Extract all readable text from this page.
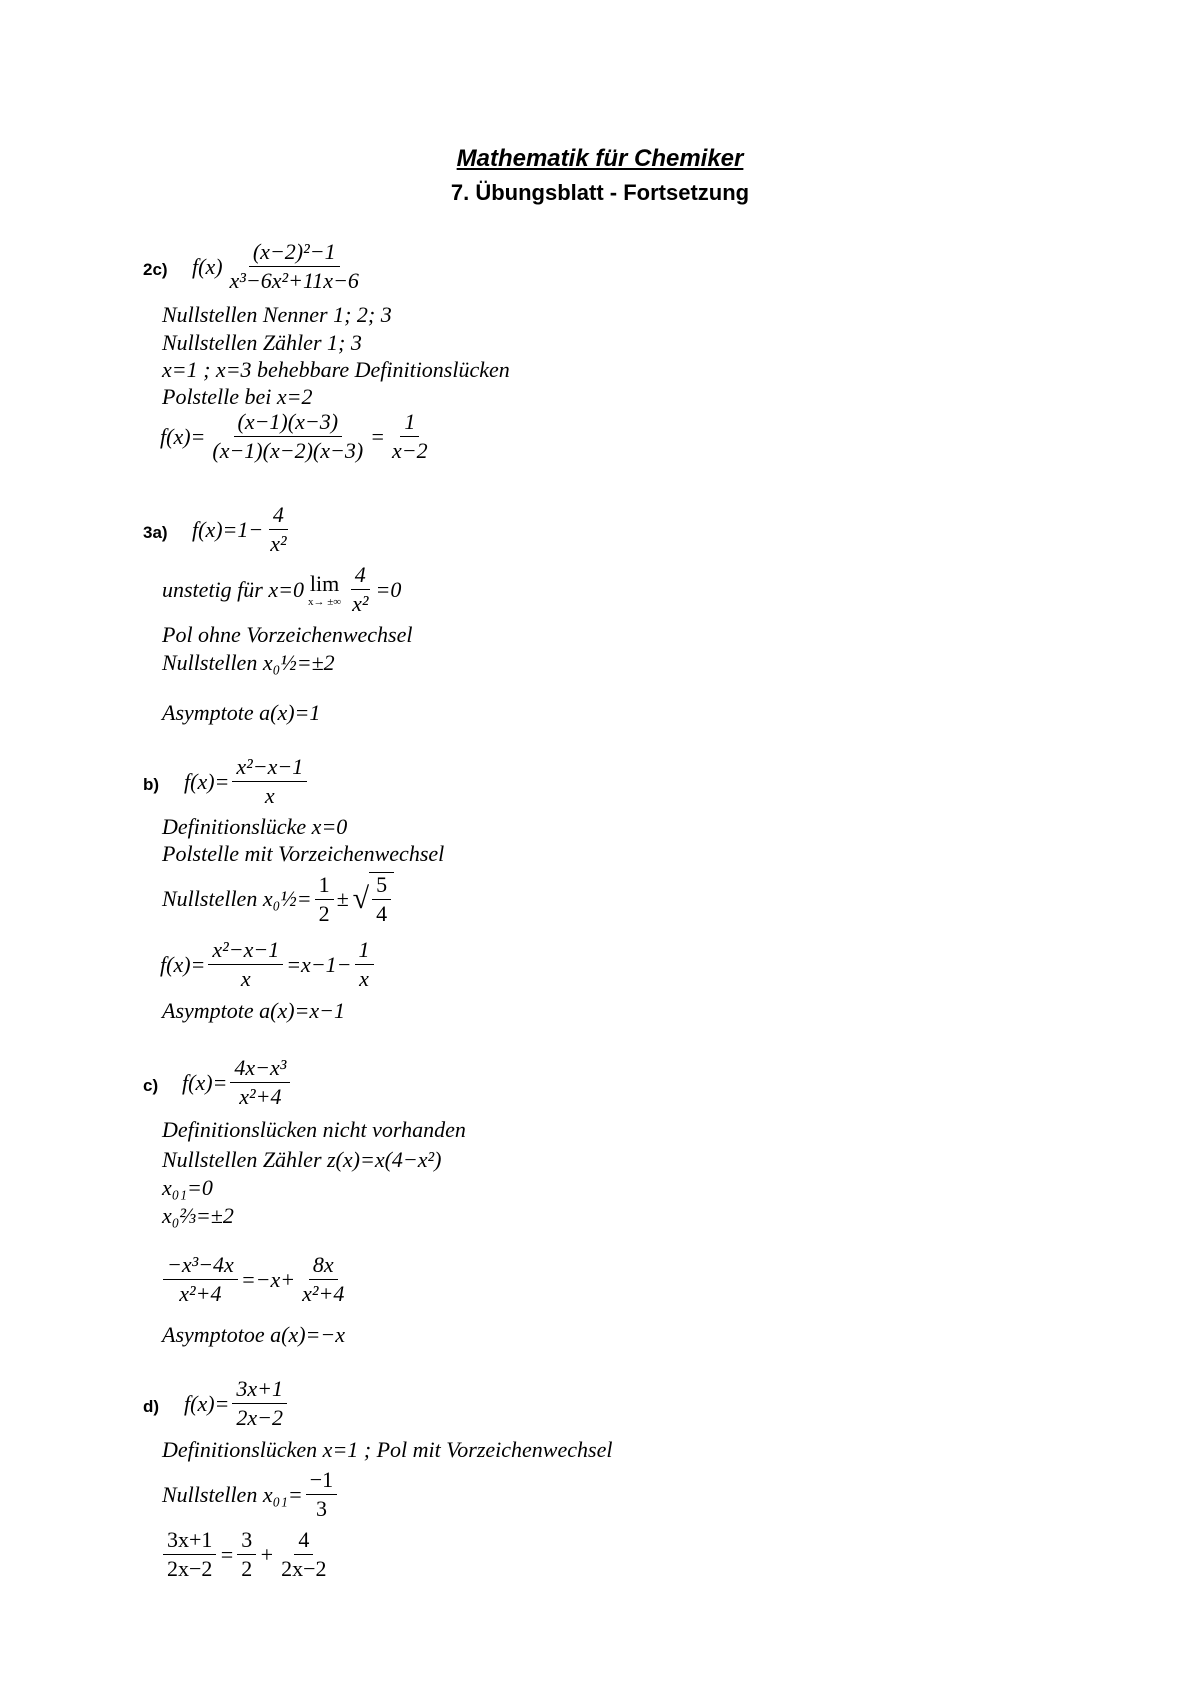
Mathematik für Chemiker
7. Übungsblatt - Fortsetzung
2c) $f(x) \frac{\text{(x−2)²−1}}{\text{x³−6x²+11x−6}}$
Nullstellen Nenner 1; 2; 3
Nullstellen Zähler 1; 3
x=1 ; x=3 behebbare Definitionslücken
Polstelle bei x=2
$f(x)= \frac{(x-1)(x-3)}{(x-1)(x-2)(x-3)} = \frac{1}{x-2}$
3a) $f(x)=1- \frac{4}{\text{x²}}$
unstetig für x=0 lim
x→ ±∞ $\frac{4}{\text{x²}} =0$
Pol ohne Vorzeichenwechsel
Nullstellen x₀½=±2
Asymptote a(x)=1
b) $f(x)= \frac{\text{x²−x−1}}{x}$
Definitionslücke x=0
Polstelle mit Vorzeichenwechsel
Nullstellen x₀½= $\frac{1}{2}$ ± √ $\frac{5}{4}$
$f(x)= \frac{\text{x²−x−1}}{x} =x-1- \frac{1}{x}$
Asymptote a(x)=x−1
c) $f(x)= \frac{\text{4x−x³}}{\text{x²+4}}$
Definitionslücken nicht vorhanden
Nullstellen Zähler z(x)=x(4−x²)
x₀₁=0
x₀⅔=±2
$\frac{\text{−x³−4x}}{\text{x²+4}} =-x+ \frac{8x}{\text{x²+4}}$
Asymptotoe a(x)=−x
d) $f(x)= \frac{3x+1}{2x-2}$
Definitionslücken x=1 ; Pol mit Vorzeichenwechsel
Nullstellen $x_{01}= \frac{-1}{3}$
$\frac{3x+1}{2x-2} = \frac{3}{2} + \frac{4}{2x-2}$
